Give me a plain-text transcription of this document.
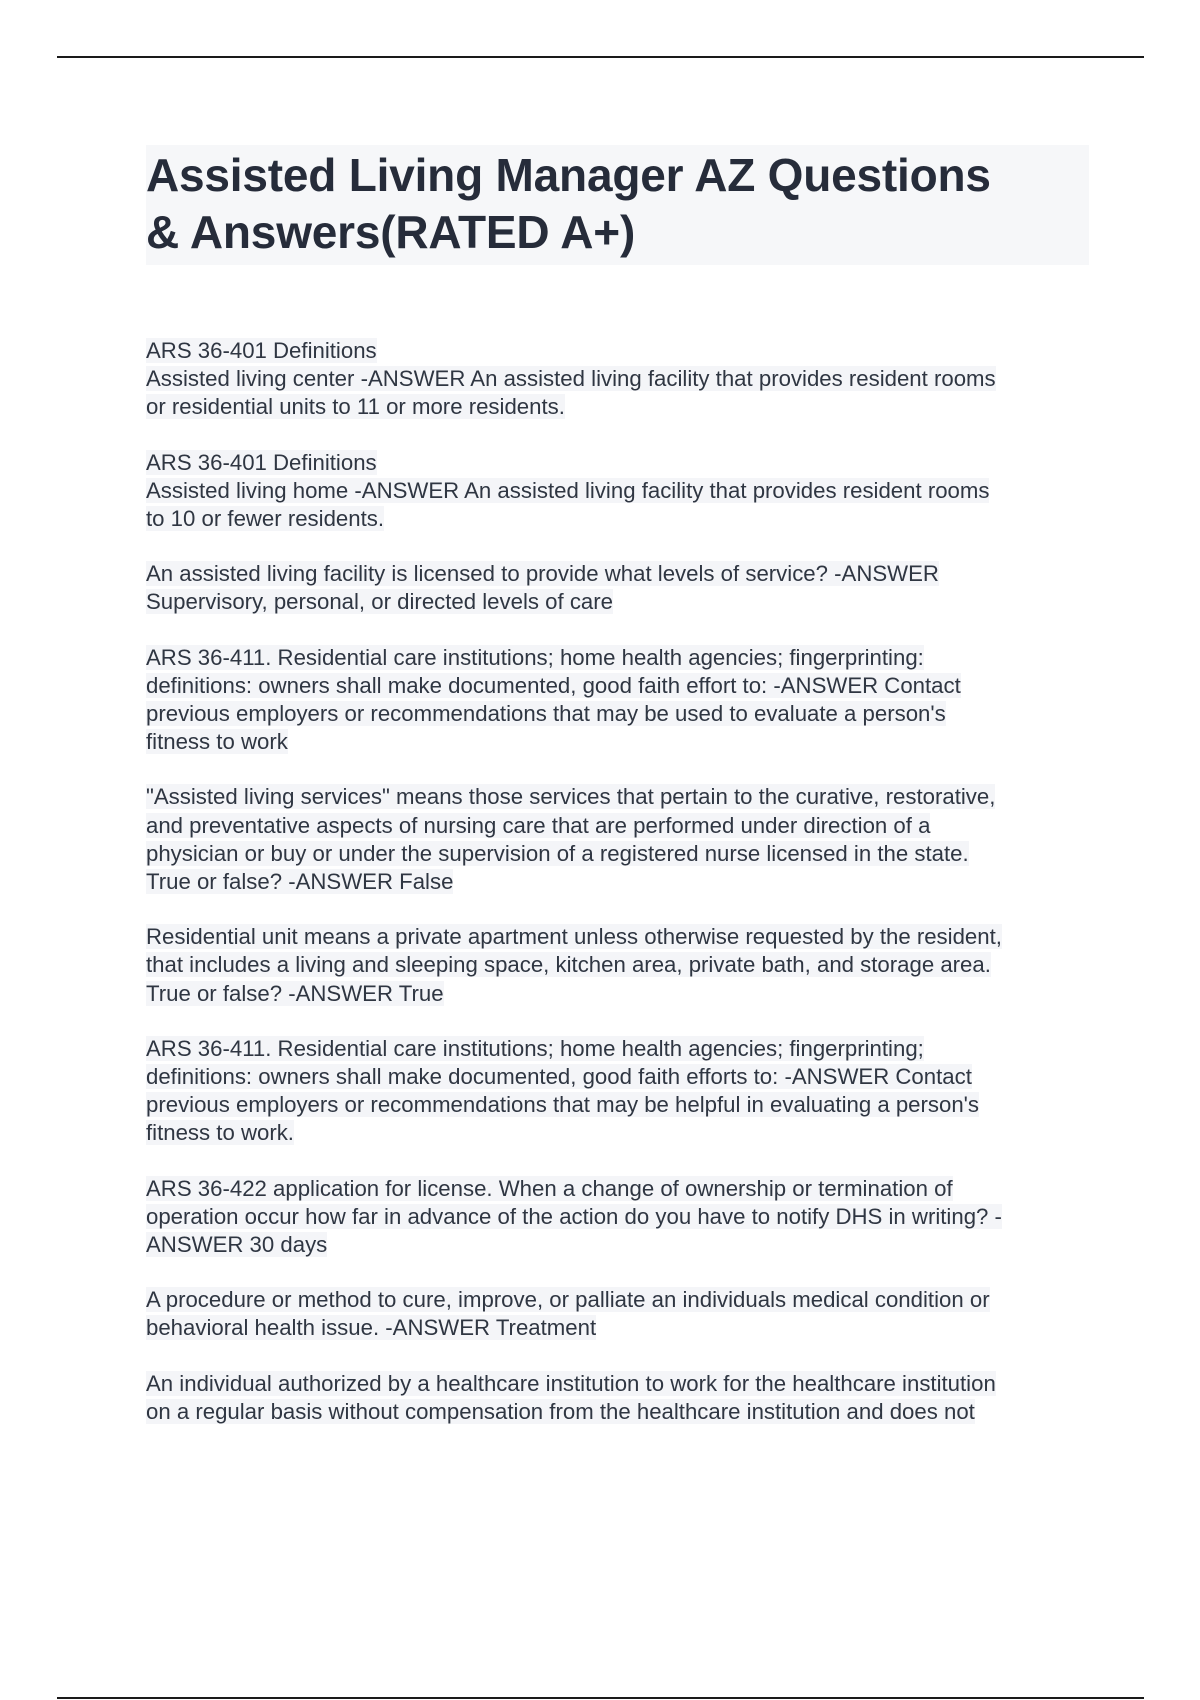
Assisted Living Manager AZ Questions
& Answers(RATED A+)
ARS 36-401 Definitions
Assisted living center -ANSWER An assisted living facility that provides resident rooms
or residential units to 11 or more residents.
ARS 36-401 Definitions
Assisted living home -ANSWER An assisted living facility that provides resident rooms
to 10 or fewer residents.
An assisted living facility is licensed to provide what levels of service? -ANSWER
Supervisory, personal, or directed levels of care
ARS 36-411. Residential care institutions; home health agencies; fingerprinting:
definitions: owners shall make documented, good faith effort to: -ANSWER Contact
previous employers or recommendations that may be used to evaluate a person's
fitness to work
"Assisted living services" means those services that pertain to the curative, restorative,
and preventative aspects of nursing care that are performed under direction of a
physician or buy or under the supervision of a registered nurse licensed in the state.
True or false? -ANSWER False
Residential unit means a private apartment unless otherwise requested by the resident,
that includes a living and sleeping space, kitchen area, private bath, and storage area.
True or false? -ANSWER True
ARS 36-411. Residential care institutions; home health agencies; fingerprinting;
definitions: owners shall make documented, good faith efforts to: -ANSWER Contact
previous employers or recommendations that may be helpful in evaluating a person's
fitness to work.
ARS 36-422 application for license. When a change of ownership or termination of
operation occur how far in advance of the action do you have to notify DHS in writing? -
ANSWER 30 days
A procedure or method to cure, improve, or palliate an individuals medical condition or
behavioral health issue. -ANSWER Treatment
An individual authorized by a healthcare institution to work for the healthcare institution
on a regular basis without compensation from the healthcare institution and does not
